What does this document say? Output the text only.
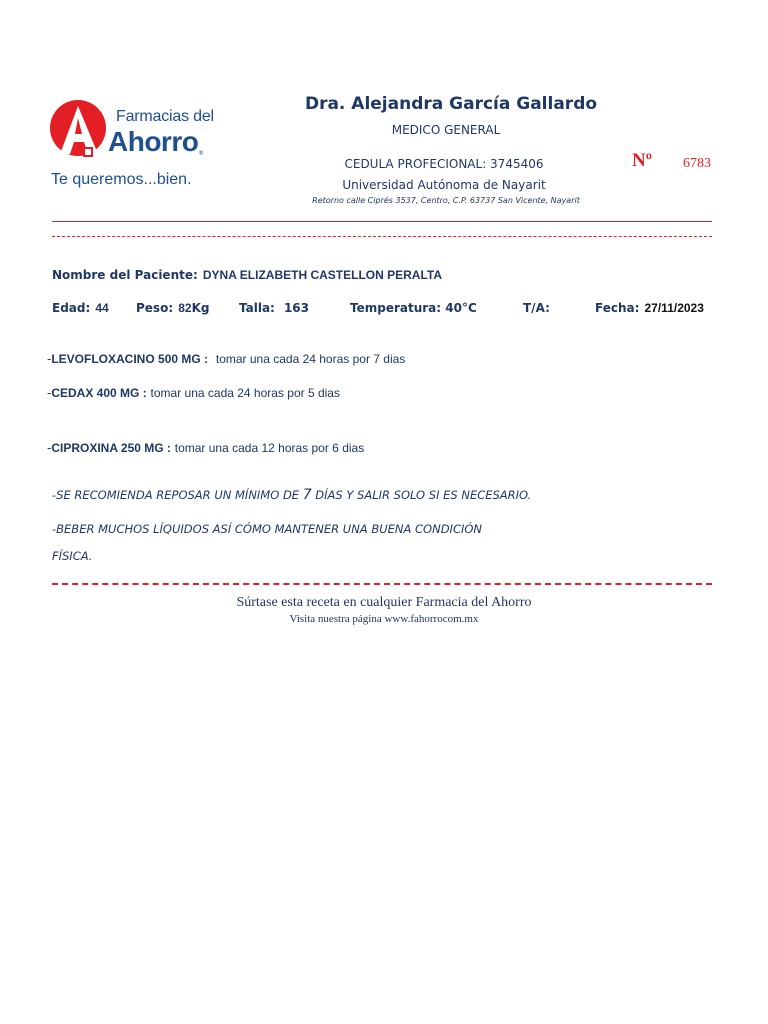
Farmacias del
Ahorro ®
Te queremos...bien.
Dra. Alejandra García Gallardo
MEDICO GENERAL
CEDULA PROFECIONAL: 3745406
Universidad Autónoma de Nayarit
Retorno calle Ciprés 3537, Centro, C.P. 63737 San Vicente, Nayarit
Nº 6783
Nombre del Paciente: DYNA ELIZABETH CASTELLON PERALTA
Edad: 44 Peso: 82Kg Talla: 163	Temperatura: 40°C	T/A:	Fecha: 27/11/2023
-LEVOFLOXACINO 500 MG : tomar una cada 24 horas por 7 dias
-CEDAX 400 MG : tomar una cada 24 horas por 5 dias
-CIPROXINA 250 MG : tomar una cada 12 horas por 6 dias
-SE RECOMIENDA REPOSAR UN MÍNIMO DE 7 DÍAS Y SALIR SOLO SI ES NECESARIO.
-BEBER MUCHOS LÍQUIDOS ASÍ CÓMO MANTENER UNA BUENA CONDICIÓN
FÍSICA.
Súrtase esta receta en cualquier Farmacia del Ahorro
Visita nuestra página www.fahorrocom.mx
